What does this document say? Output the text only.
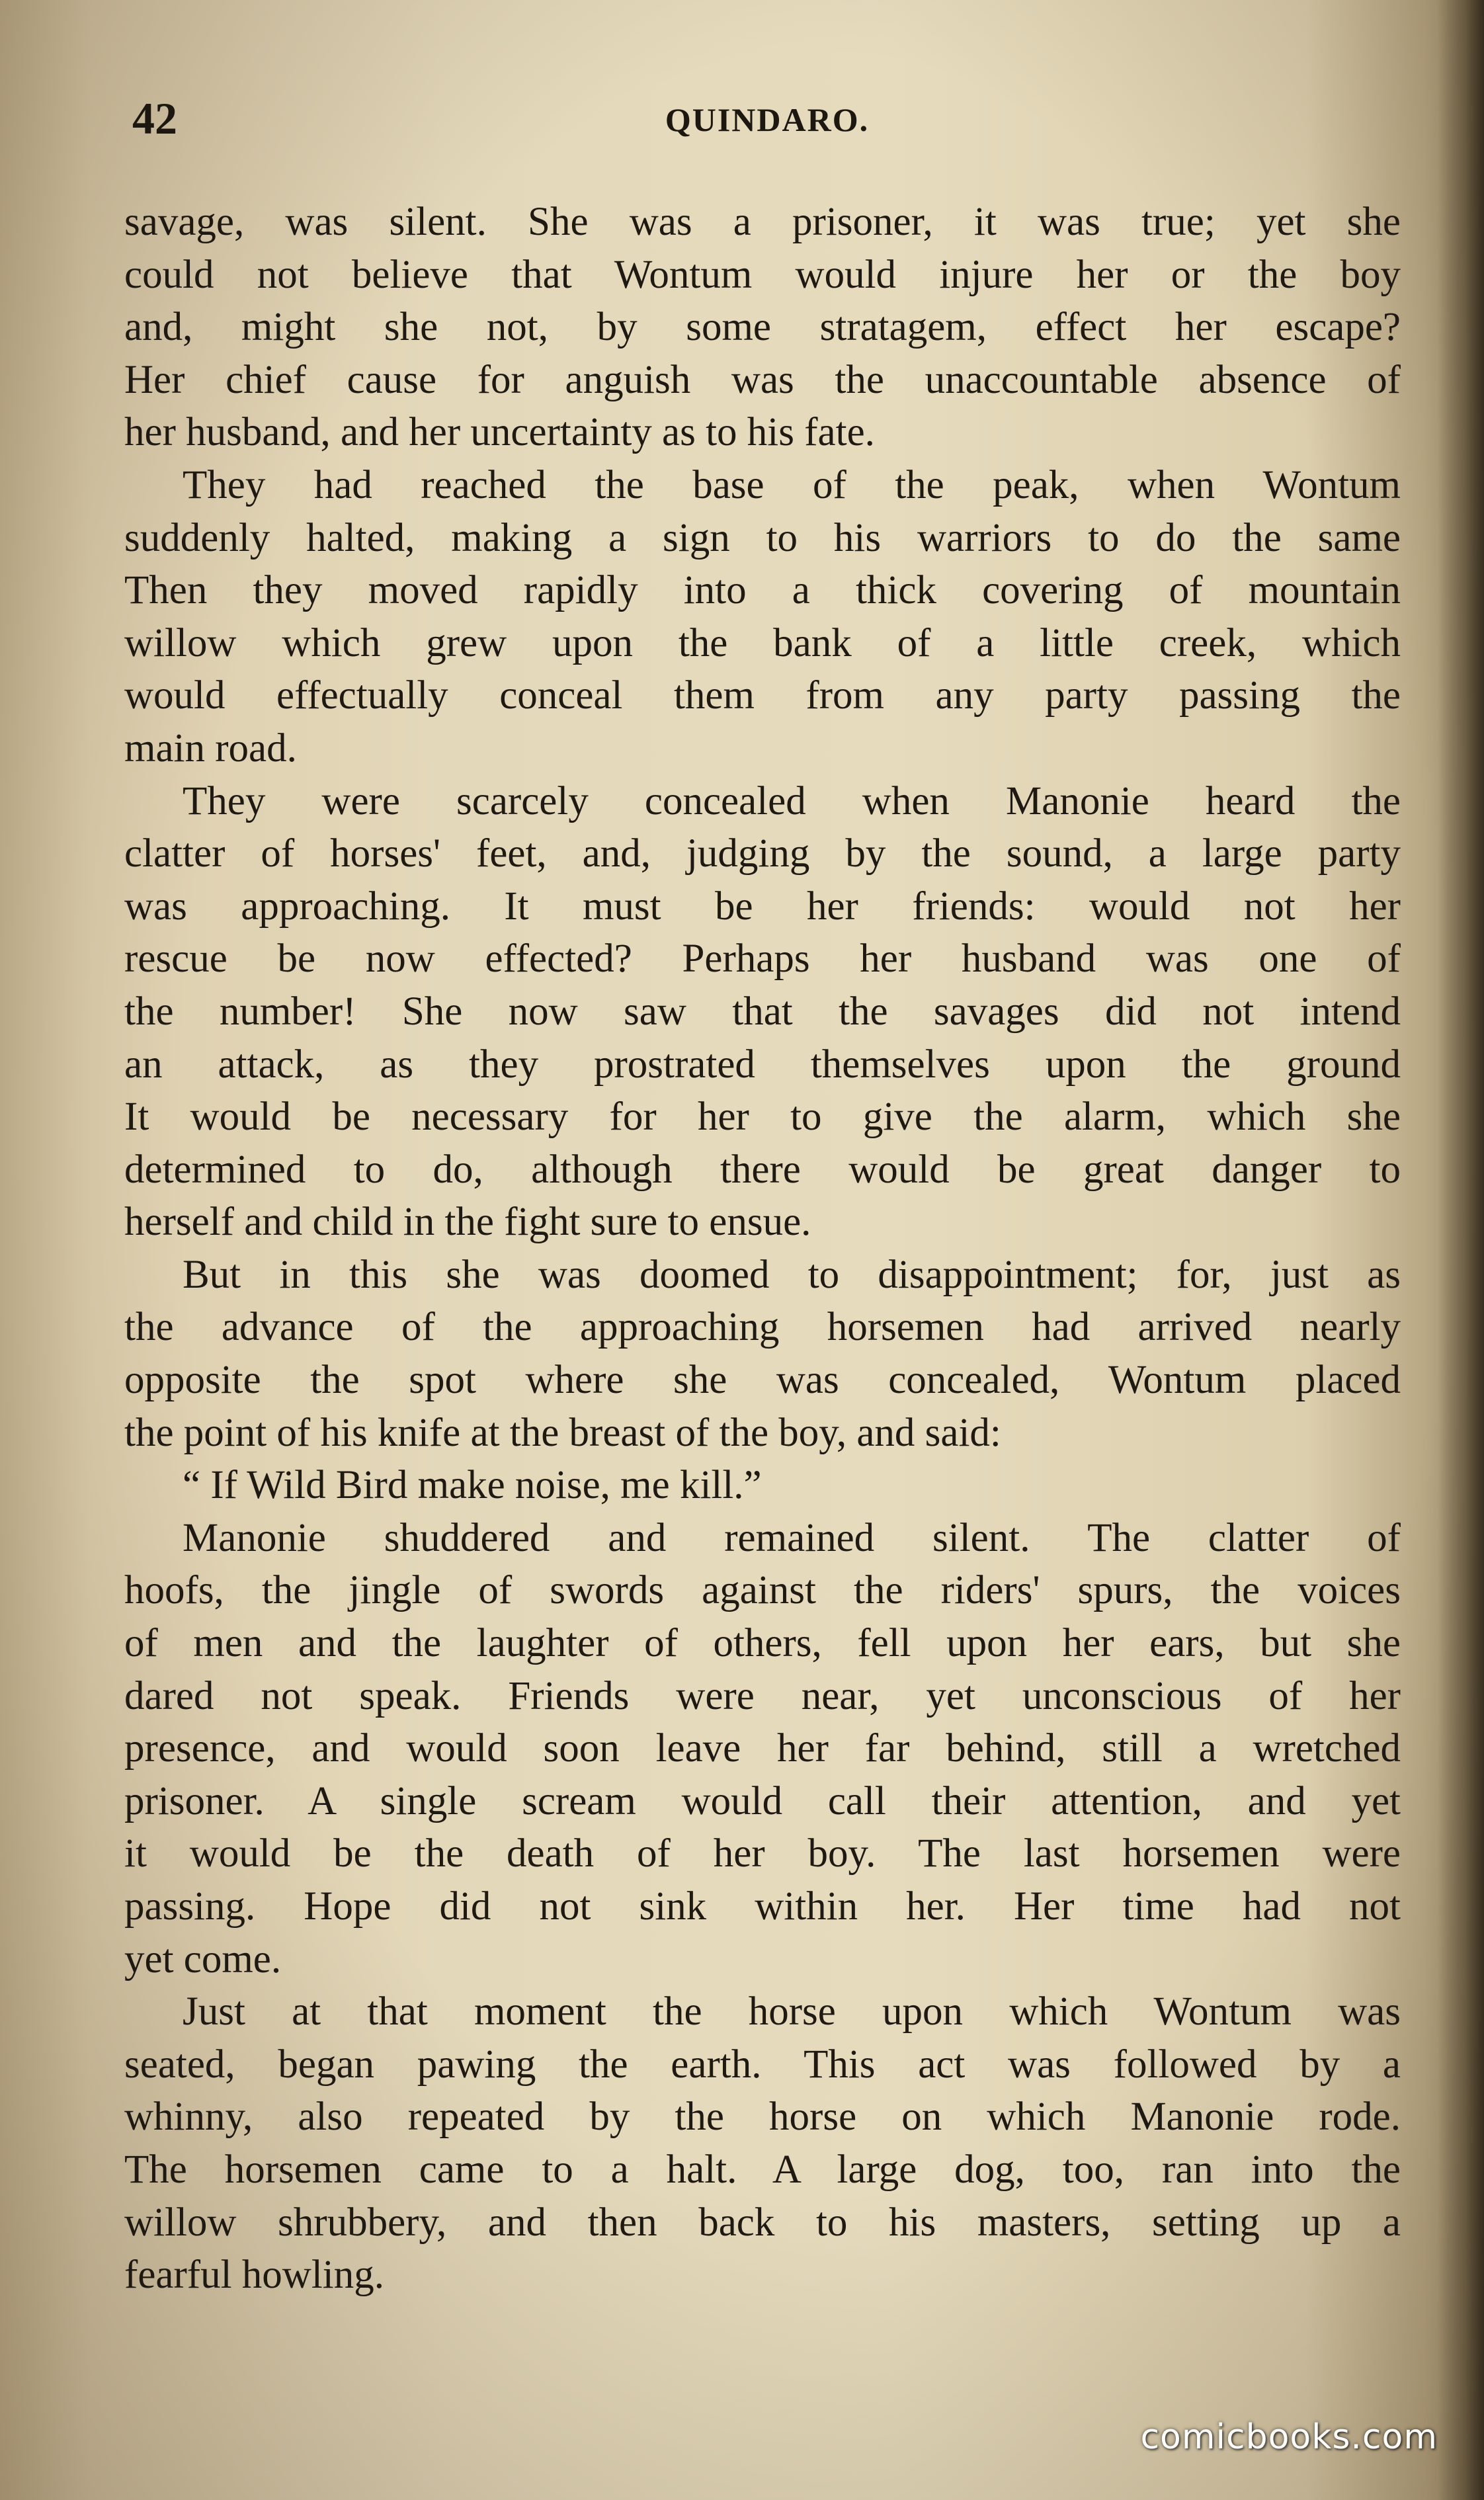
42	QUINDARO.
savage, was silent. She was a prisoner, it was true; yet she
could not believe that Wontum would injure her or the boy
and, might she not, by some stratagem, effect her escape?
Her chief cause for anguish was the unaccountable absence of
her husband, and her uncertainty as to his fate.
They had reached the base of the peak, when Wontum
suddenly halted, making a sign to his warriors to do the same
Then they moved rapidly into a thick covering of mountain
willow which grew upon the bank of a little creek, which
would effectually conceal them from any party passing the
main road.
They were scarcely concealed when Manonie heard the
clatter of horses' feet, and, judging by the sound, a large party
was approaching. It must be her friends: would not her
rescue be now effected? Perhaps her husband was one of
the number! She now saw that the savages did not intend
an attack, as they prostrated themselves upon the ground
It would be necessary for her to give the alarm, which she
determined to do, although there would be great danger to
herself and child in the fight sure to ensue.
But in this she was doomed to disappointment; for, just as
the advance of the approaching horsemen had arrived nearly
opposite the spot where she was concealed, Wontum placed
the point of his knife at the breast of the boy, and said:
“ If Wild Bird make noise, me kill.”
Manonie shuddered and remained silent. The clatter of
hoofs, the jingle of swords against the riders' spurs, the voices
of men and the laughter of others, fell upon her ears, but she
dared not speak. Friends were near, yet unconscious of her
presence, and would soon leave her far behind, still a wretched
prisoner. A single scream would call their attention, and yet
it would be the death of her boy. The last horsemen were
passing. Hope did not sink within her. Her time had not
yet come.
Just at that moment the horse upon which Wontum was
seated, began pawing the earth. This act was followed by a
whinny, also repeated by the horse on which Manonie rode.
The horsemen came to a halt. A large dog, too, ran into the
willow shrubbery, and then back to his masters, setting up a
fearful howling.
comicbooks.com
